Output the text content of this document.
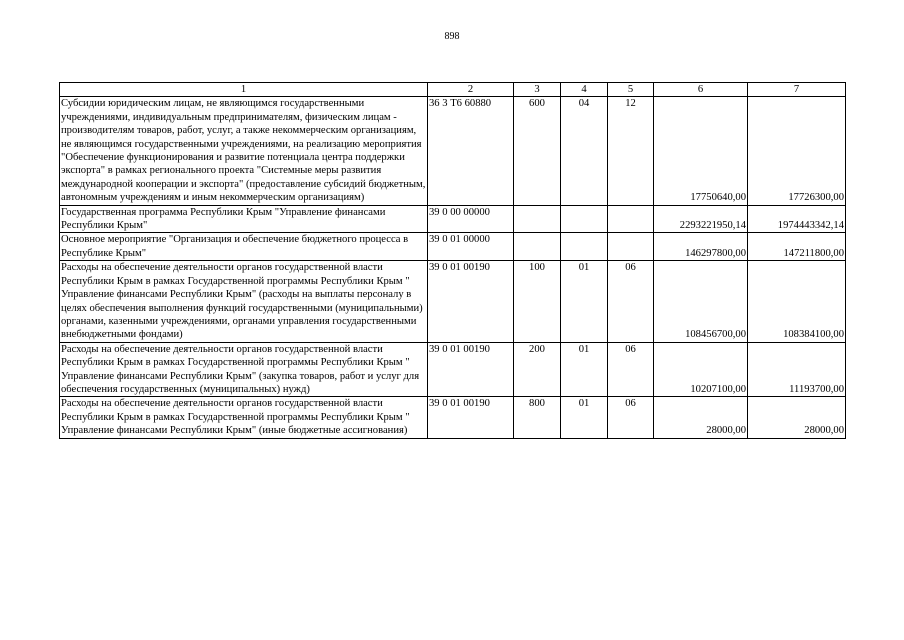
898
1	2	3	4	5	6	7
Субсидии юридическим лицам, не являющимся государственными учреждениями, индивидуальным предпринимателям, физическим лицам - производителям товаров, работ, услуг, а также некоммерческим организациям, не являющимся государственными учреждениями, на реализацию мероприятия "Обеспечение функционирования и развитие потенциала центра поддержки экспорта" в рамках регионального проекта "Системные меры развития международной кооперации и экспорта" (предоставление субсидий бюджетным, автономным учреждениям и иным некоммерческим организациям)	36 3 Т6 60880	600	04	12	17750640,00	17726300,00
Государственная программа Республики Крым "Управление финансами Республики Крым"	39 0 00 00000				2293221950,14	1974443342,14
Основное мероприятие "Организация и обеспечение бюджетного процесса в Республике Крым"	39 0 01 00000				146297800,00	147211800,00
Расходы на обеспечение деятельности органов государственной власти Республики Крым в рамках Государственной программы Республики Крым " Управление финансами Республики Крым" (расходы на выплаты персоналу в целях обеспечения выполнения функций государственными (муниципальными) органами, казенными учреждениями, органами управления государственными внебюджетными фондами)	39 0 01 00190	100	01	06	108456700,00	108384100,00
Расходы на обеспечение деятельности органов государственной власти Республики Крым в рамках Государственной программы Республики Крым " Управление финансами Республики Крым" (закупка товаров, работ и услуг для обеспечения государственных (муниципальных) нужд)	39 0 01 00190	200	01	06	10207100,00	11193700,00
Расходы на обеспечение деятельности органов государственной власти Республики Крым в рамках Государственной программы Республики Крым " Управление финансами Республики Крым" (иные бюджетные ассигнования)	39 0 01 00190	800	01	06	28000,00	28000,00
